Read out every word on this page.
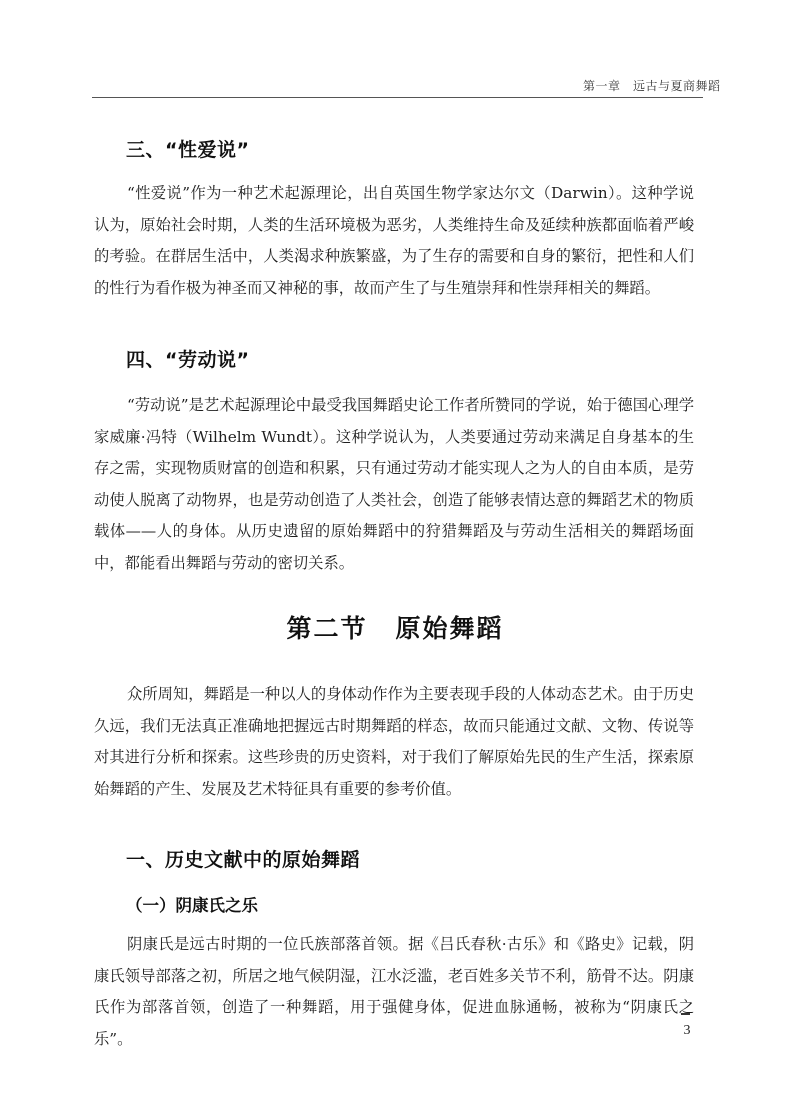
第一章　远古与夏商舞蹈
三、“性爱说”
“性爱说”作为一种艺术起源理论，出自英国生物学家达尔文（Darwin）。这种学说认为，原始社会时期，人类的生活环境极为恶劣，人类维持生命及延续种族都面临着严峻的考验。在群居生活中，人类渴求种族繁盛，为了生存的需要和自身的繁衍，把性和人们的性行为看作极为神圣而又神秘的事，故而产生了与生殖崇拜和性崇拜相关的舞蹈。
四、“劳动说”
“劳动说”是艺术起源理论中最受我国舞蹈史论工作者所赞同的学说，始于德国心理学家威廉·冯特（Wilhelm Wundt）。这种学说认为，人类要通过劳动来满足自身基本的生存之需，实现物质财富的创造和积累，只有通过劳动才能实现人之为人的自由本质，是劳动使人脱离了动物界，也是劳动创造了人类社会，创造了能够表情达意的舞蹈艺术的物质载体——人的身体。从历史遗留的原始舞蹈中的狩猎舞蹈及与劳动生活相关的舞蹈场面中，都能看出舞蹈与劳动的密切关系。
第二节 原始舞蹈
众所周知，舞蹈是一种以人的身体动作作为主要表现手段的人体动态艺术。由于历史久远，我们无法真正准确地把握远古时期舞蹈的样态，故而只能通过文献、文物、传说等对其进行分析和探索。这些珍贵的历史资料，对于我们了解原始先民的生产生活，探索原始舞蹈的产生、发展及艺术特征具有重要的参考价值。
一、历史文献中的原始舞蹈
（一）阴康氏之乐
阴康氏是远古时期的一位氏族部落首领。据《吕氏春秋·古乐》和《路史》记载，阴康氏领导部落之初，所居之地气候阴湿，江水泛滥，老百姓多关节不利，筋骨不达。阴康氏作为部落首领，创造了一种舞蹈，用于强健身体，促进血脉通畅，被称为“阴康氏之乐”。	3
